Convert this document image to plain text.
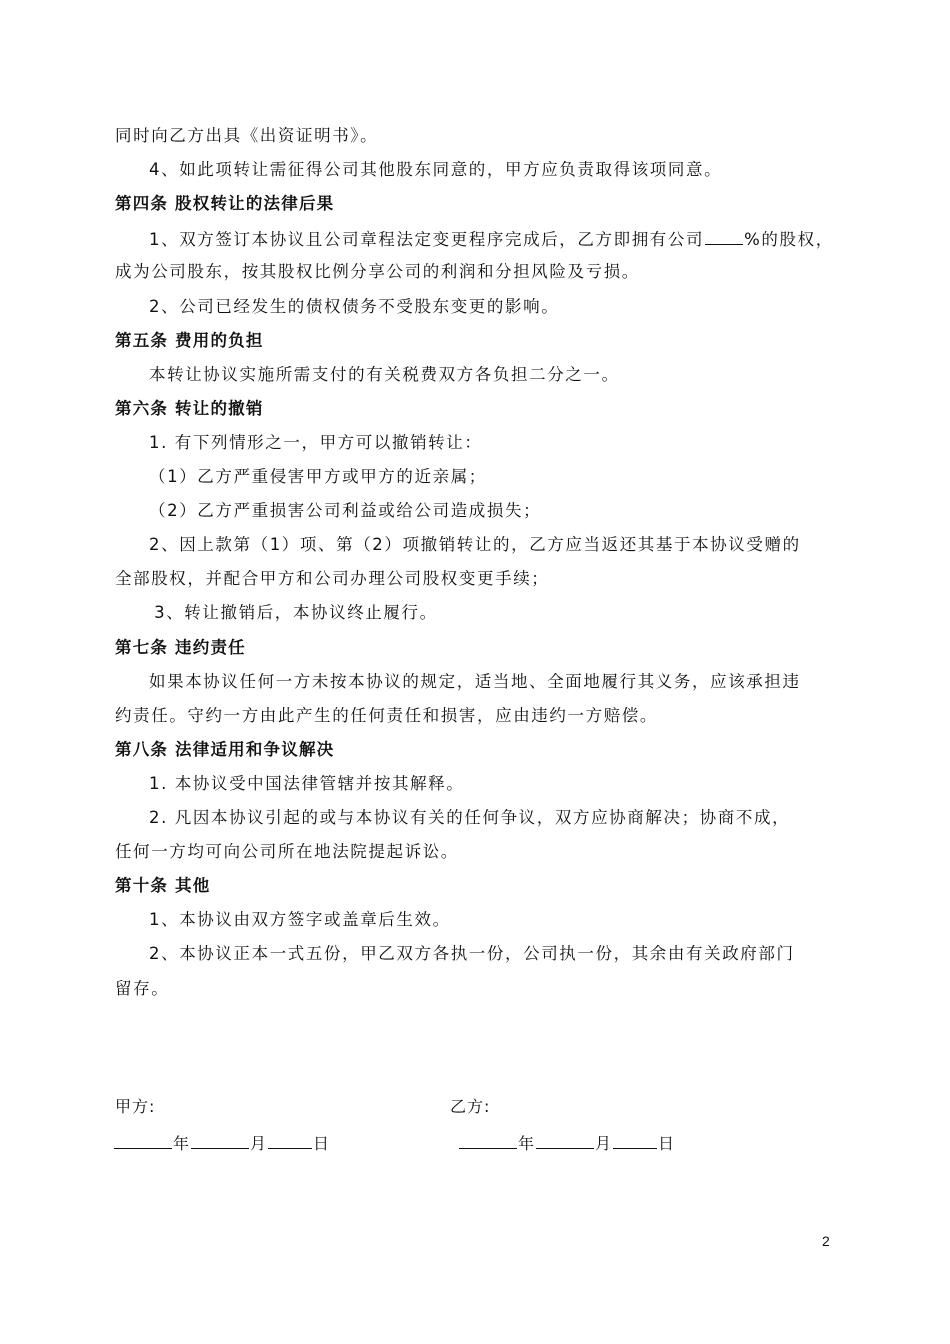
同时向乙方出具《出资证明书》。
4、如此项转让需征得公司其他股东同意的，甲方应负责取得该项同意。
第四条 股权转让的法律后果
1、双方签订本协议且公司章程法定变更程序完成后，乙方即拥有公司 %的股权，
成为公司股东，按其股权比例分享公司的利润和分担风险及亏损。
2、公司已经发生的债权债务不受股东变更的影响。
第五条 费用的负担
本转让协议实施所需支付的有关税费双方各负担二分之一。
第六条 转让的撤销
1. 有下列情形之一，甲方可以撤销转让：
（1）乙方严重侵害甲方或甲方的近亲属；
（2）乙方严重损害公司利益或给公司造成损失；
2、因上款第（1）项、第（2）项撤销转让的，乙方应当返还其基于本协议受赠的
全部股权，并配合甲方和公司办理公司股权变更手续；
3、转让撤销后，本协议终止履行。
第七条 违约责任
如果本协议任何一方未按本协议的规定，适当地、全面地履行其义务，应该承担违
约责任。守约一方由此产生的任何责任和损害，应由违约一方赔偿。
第八条 法律适用和争议解决
1. 本协议受中国法律管辖并按其解释。
2. 凡因本协议引起的或与本协议有关的任何争议，双方应协商解决；协商不成，
任何一方均可向公司所在地法院提起诉讼。
第十条 其他
1、本协议由双方签字或盖章后生效。
2、本协议正本一式五份，甲乙双方各执一份，公司执一份，其余由有关政府部门
留存。
甲方:	乙方:
年	月	日	年	月	日
2
